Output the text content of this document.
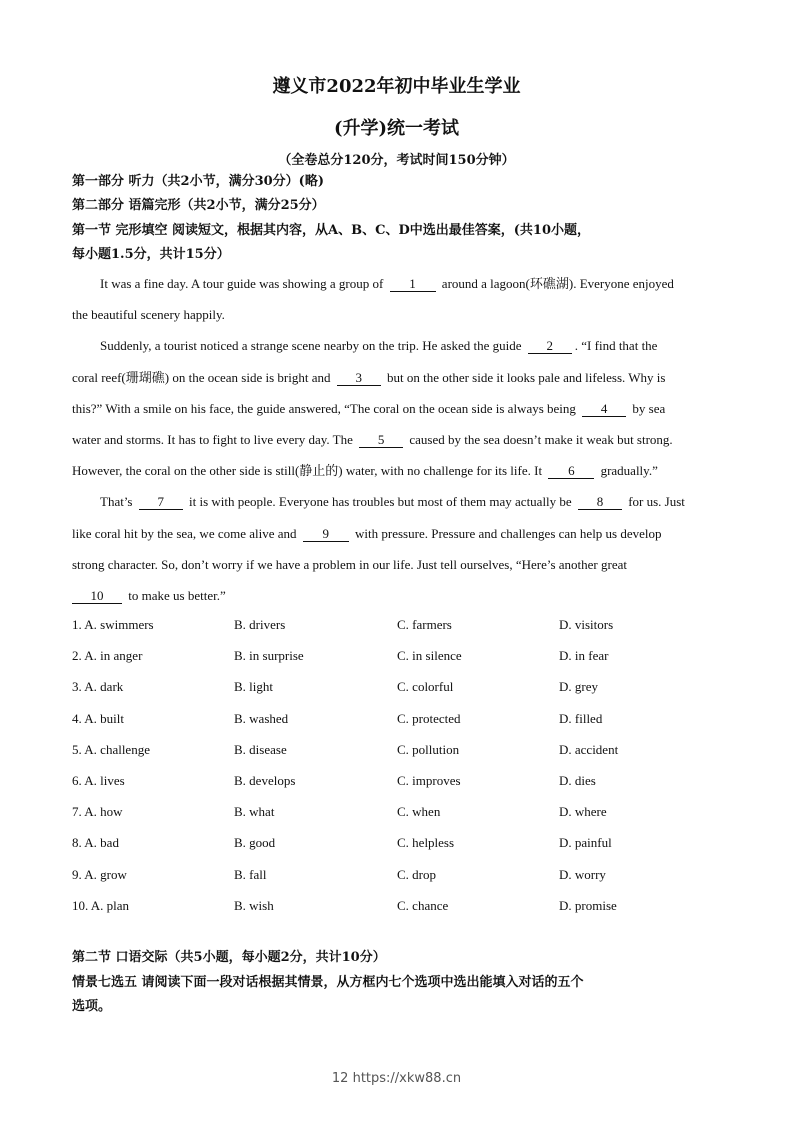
遵义市2022年初中毕业生学业
(升学)统一考试
（全卷总分120分，考试时间150分钟）
第一部分 听力（共2小节，满分30分）(略)
第二部分 语篇完形（共2小节，满分25分）
第一节 完形填空 阅读短文，根据其内容，从A、B、C、D中选出最佳答案，(共10小题，
每小题1.5分，共计15分）
It was a fine day. A tour guide was showing a group of 1 around a lagoon(环礁湖). Everyone enjoyed
the beautiful scenery happily.
Suddenly, a tourist noticed a strange scene nearby on the trip. He asked the guide 2 . “I find that the
coral reef(珊瑚礁) on the ocean side is bright and 3 but on the other side it looks pale and lifeless. Why is
this?” With a smile on his face, the guide answered, “The coral on the ocean side is always being 4 by sea
water and storms. It has to fight to live every day. The 5 caused by the sea doesn’t make it weak but strong.
However, the coral on the other side is still(静止的) water, with no challenge for its life. It 6 gradually.”
That’s 7 it is with people. Everyone has troubles but most of them may actually be 8 for us. Just
like coral hit by the sea, we come alive and 9 with pressure. Pressure and challenges can help us develop
strong character. So, don’t worry if we have a problem in our life. Just tell ourselves, “Here’s another great
10 to make us better.”
1. A. swimmers	B. drivers	C. farmers	D. visitors
2. A. in anger	B. in surprise	C. in silence	D. in fear
3. A. dark	B. light	C. colorful	D. grey
4. A. built	B. washed	C. protected	D. filled
5. A. challenge	B. disease	C. pollution	D. accident
6. A. lives	B. develops	C. improves	D. dies
7. A. how	B. what	C. when	D. where
8. A. bad	B. good	C. helpless	D. painful
9. A. grow	B. fall	C. drop	D. worry
10. A. plan	B. wish	C. chance	D. promise
第二节 口语交际（共5小题，每小题2分，共计10分）
情景七选五 请阅读下面一段对话根据其情景，从方框内七个选项中选出能填入对话的五个
选项。
12 https://xkw88.cn
